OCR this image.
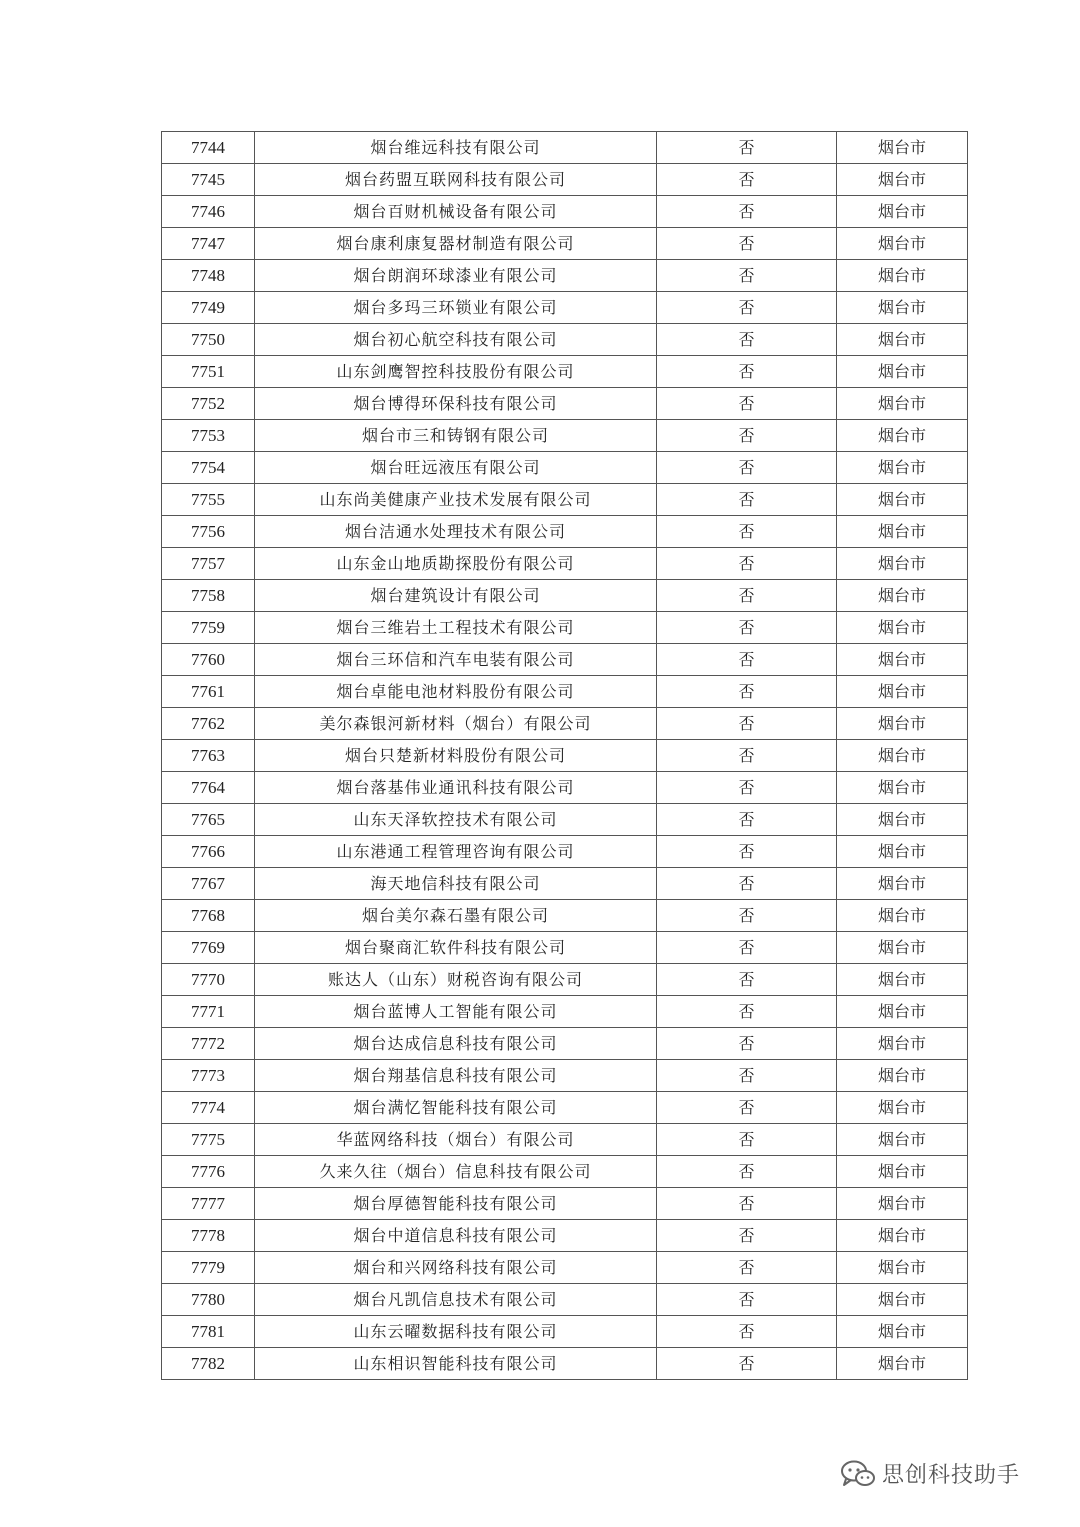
7744	烟台维远科技有限公司	否	烟台市
7745	烟台药盟互联网科技有限公司	否	烟台市
7746	烟台百财机械设备有限公司	否	烟台市
7747	烟台康利康复器材制造有限公司	否	烟台市
7748	烟台朗润环球漆业有限公司	否	烟台市
7749	烟台多玛三环锁业有限公司	否	烟台市
7750	烟台初心航空科技有限公司	否	烟台市
7751	山东剑鹰智控科技股份有限公司	否	烟台市
7752	烟台博得环保科技有限公司	否	烟台市
7753	烟台市三和铸钢有限公司	否	烟台市
7754	烟台旺远液压有限公司	否	烟台市
7755	山东尚美健康产业技术发展有限公司	否	烟台市
7756	烟台洁通水处理技术有限公司	否	烟台市
7757	山东金山地质勘探股份有限公司	否	烟台市
7758	烟台建筑设计有限公司	否	烟台市
7759	烟台三维岩土工程技术有限公司	否	烟台市
7760	烟台三环信和汽车电装有限公司	否	烟台市
7761	烟台卓能电池材料股份有限公司	否	烟台市
7762	美尔森银河新材料（烟台）有限公司	否	烟台市
7763	烟台只楚新材料股份有限公司	否	烟台市
7764	烟台落基伟业通讯科技有限公司	否	烟台市
7765	山东天泽软控技术有限公司	否	烟台市
7766	山东港通工程管理咨询有限公司	否	烟台市
7767	海天地信科技有限公司	否	烟台市
7768	烟台美尔森石墨有限公司	否	烟台市
7769	烟台聚商汇软件科技有限公司	否	烟台市
7770	账达人（山东）财税咨询有限公司	否	烟台市
7771	烟台蓝博人工智能有限公司	否	烟台市
7772	烟台达成信息科技有限公司	否	烟台市
7773	烟台翔基信息科技有限公司	否	烟台市
7774	烟台满忆智能科技有限公司	否	烟台市
7775	华蓝网络科技（烟台）有限公司	否	烟台市
7776	久来久往（烟台）信息科技有限公司	否	烟台市
7777	烟台厚德智能科技有限公司	否	烟台市
7778	烟台中道信息科技有限公司	否	烟台市
7779	烟台和兴网络科技有限公司	否	烟台市
7780	烟台凡凯信息技术有限公司	否	烟台市
7781	山东云曜数据科技有限公司	否	烟台市
7782	山东相识智能科技有限公司	否	烟台市
思创科技助手
